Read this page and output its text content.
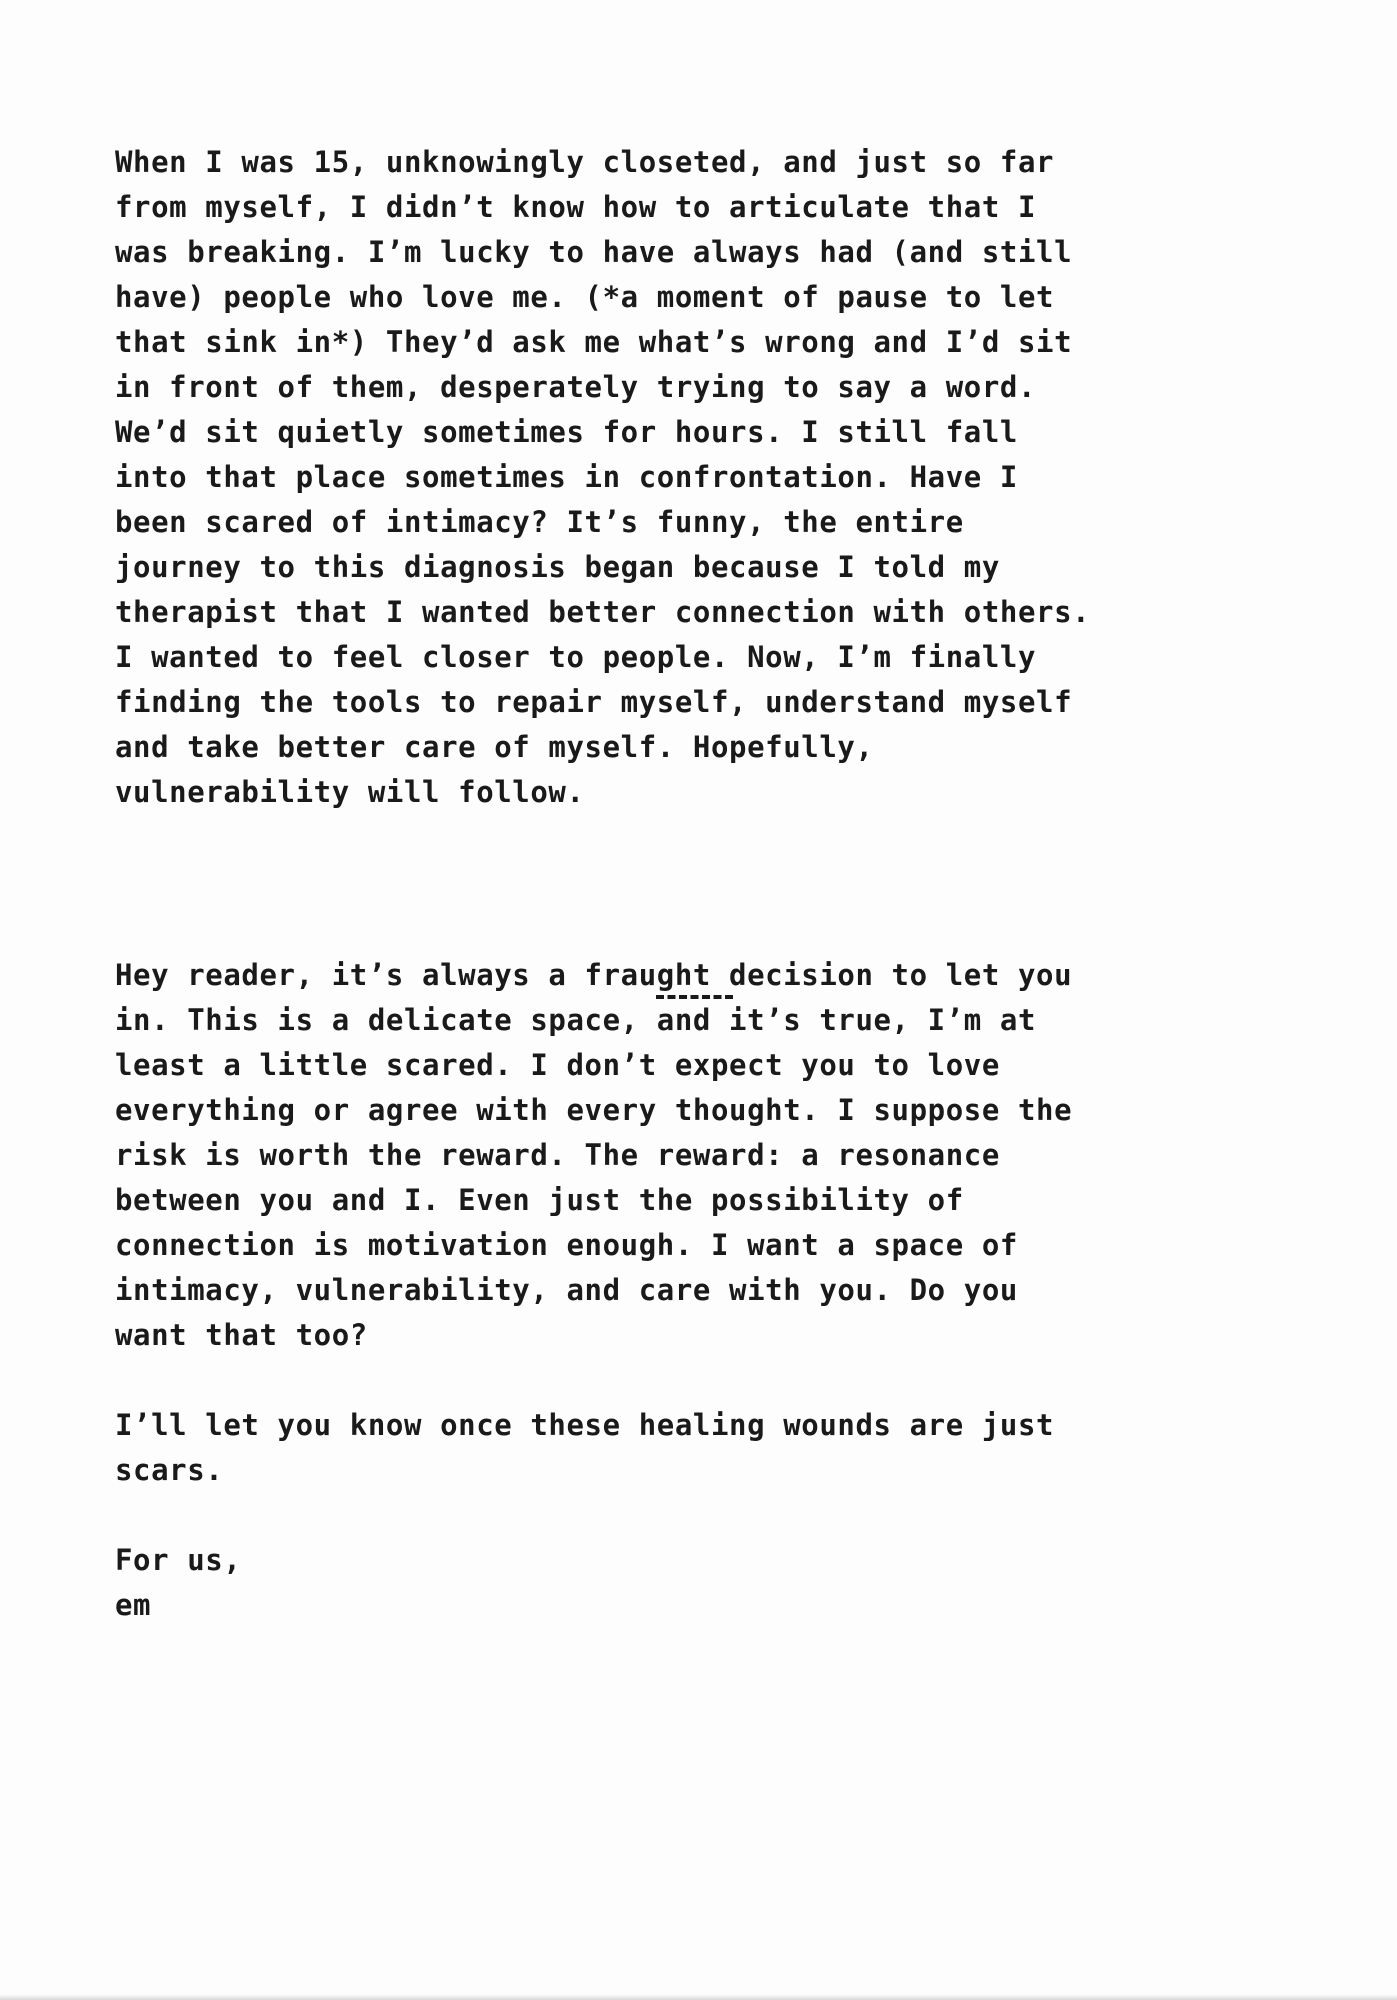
When I was 15, unknowingly closeted, and just so far
from myself, I didn’t know how to articulate that I
was breaking. I’m lucky to have always had (and still
have) people who love me. (*a moment of pause to let
that sink in*) They’d ask me what’s wrong and I’d sit
in front of them, desperately trying to say a word.
We’d sit quietly sometimes for hours. I still fall
into that place sometimes in confrontation. Have I
been scared of intimacy? It’s funny, the entire
journey to this diagnosis began because I told my
therapist that I wanted better connection with others.
I wanted to feel closer to people. Now, I’m finally
finding the tools to repair myself, understand myself
and take better care of myself. Hopefully,
vulnerability will follow.
Hey reader, it’s always a fraught decision to let you
in. This is a delicate space, and it’s true, I’m at
least a little scared. I don’t expect you to love
everything or agree with every thought. I suppose the
risk is worth the reward. The reward: a resonance
between you and I. Even just the possibility of
connection is motivation enough. I want a space of
intimacy, vulnerability, and care with you. Do you
want that too?
I’ll let you know once these healing wounds are just
scars.
For us,
em
